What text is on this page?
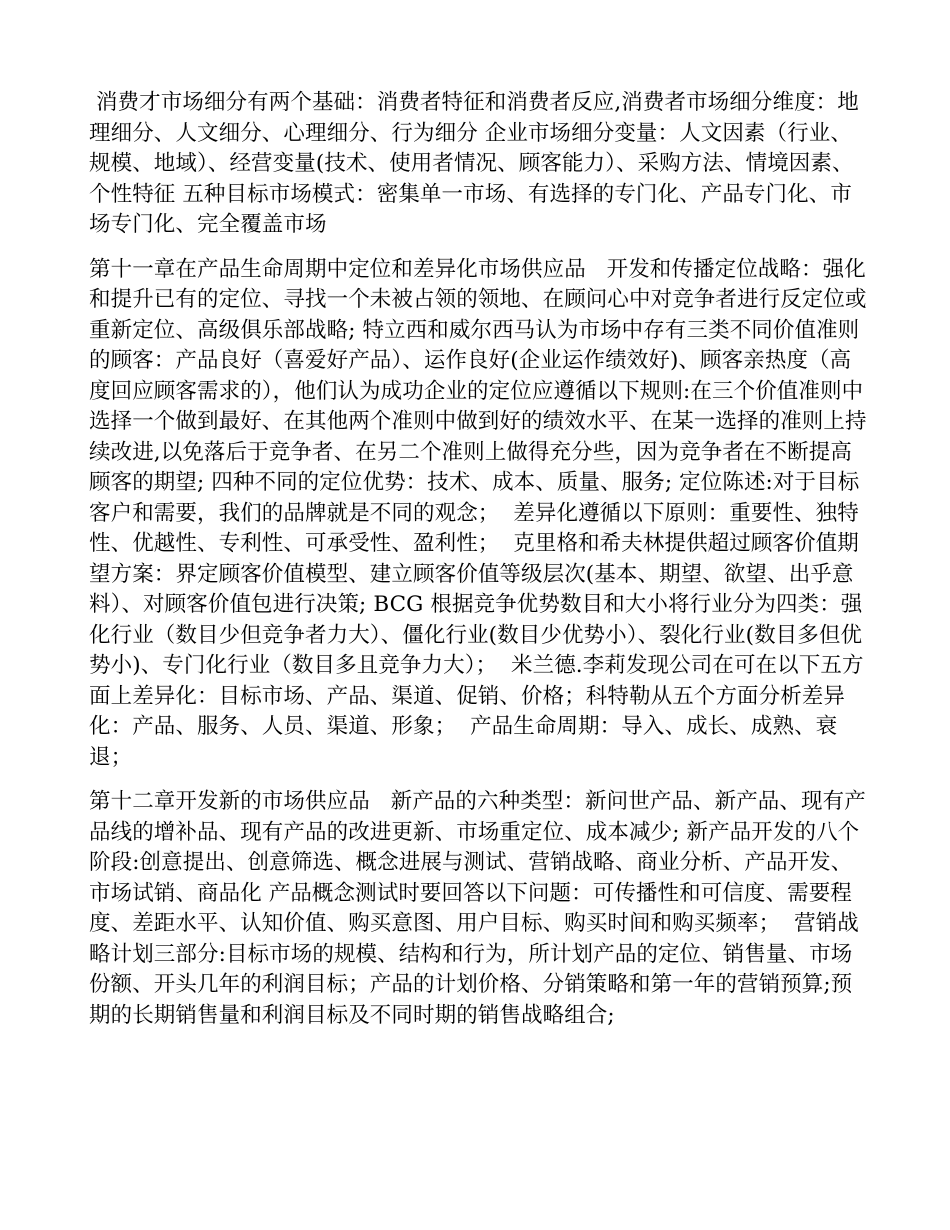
消费才市场细分有两个基础：消费者特征和消费者反应,消费者市场细分维度：地理细分、人文细分、心理细分、行为细分 企业市场细分变量：人文因素（行业、规模、地域）、经营变量(技术、使用者情况、顾客能力）、采购方法、情境因素、个性特征 五种目标市场模式：密集单一市场、有选择的专门化、产品专门化、市场专门化、完全覆盖市场

第十一章在产品生命周期中定位和差异化市场供应品   开发和传播定位战略：强化和提升已有的定位、寻找一个未被占领的领地、在顾问心中对竞争者进行反定位或重新定位、高级俱乐部战略; 特立西和威尔西马认为市场中存有三类不同价值准则的顾客：产品良好（喜爱好产品）、运作良好(企业运作绩效好)、顾客亲热度（高度回应顾客需求的），他们认为成功企业的定位应遵循以下规则:在三个价值准则中选择一个做到最好、在其他两个准则中做到好的绩效水平、在某一选择的准则上持续改进,以免落后于竞争者、在另二个准则上做得充分些，因为竞争者在不断提高顾客的期望; 四种不同的定位优势：技术、成本、质量、服务; 定位陈述:对于目标客户和需要，我们的品牌就是不同的观念；  差异化遵循以下原则：重要性、独特性、优越性、专利性、可承受性、盈利性；  克里格和希夫林提供超过顾客价值期望方案：界定顾客价值模型、建立顾客价值等级层次(基本、期望、欲望、出乎意料）、对顾客价值包进行决策; BCG 根据竞争优势数目和大小将行业分为四类：强化行业（数目少但竞争者力大）、僵化行业(数目少优势小）、裂化行业(数目多但优势小)、专门化行业（数目多且竞争力大）；  米兰德.李莉发现公司在可在以下五方面上差异化：目标市场、产品、渠道、促销、价格；科特勒从五个方面分析差异化：产品、服务、人员、渠道、形象；  产品生命周期：导入、成长、成熟、衰退；

第十二章开发新的市场供应品   新产品的六种类型：新问世产品、新产品、现有产品线的增补品、现有产品的改进更新、市场重定位、成本减少; 新产品开发的八个阶段:创意提出、创意筛选、概念进展与测试、营销战略、商业分析、产品开发、市场试销、商品化 产品概念测试时要回答以下问题：可传播性和可信度、需要程度、差距水平、认知价值、购买意图、用户目标、购买时间和购买频率；  营销战略计划三部分:目标市场的规模、结构和行为，所计划产品的定位、销售量、市场份额、开头几年的利润目标；产品的计划价格、分销策略和第一年的营销预算;预期的长期销售量和利润目标及不同时期的销售战略组合;
